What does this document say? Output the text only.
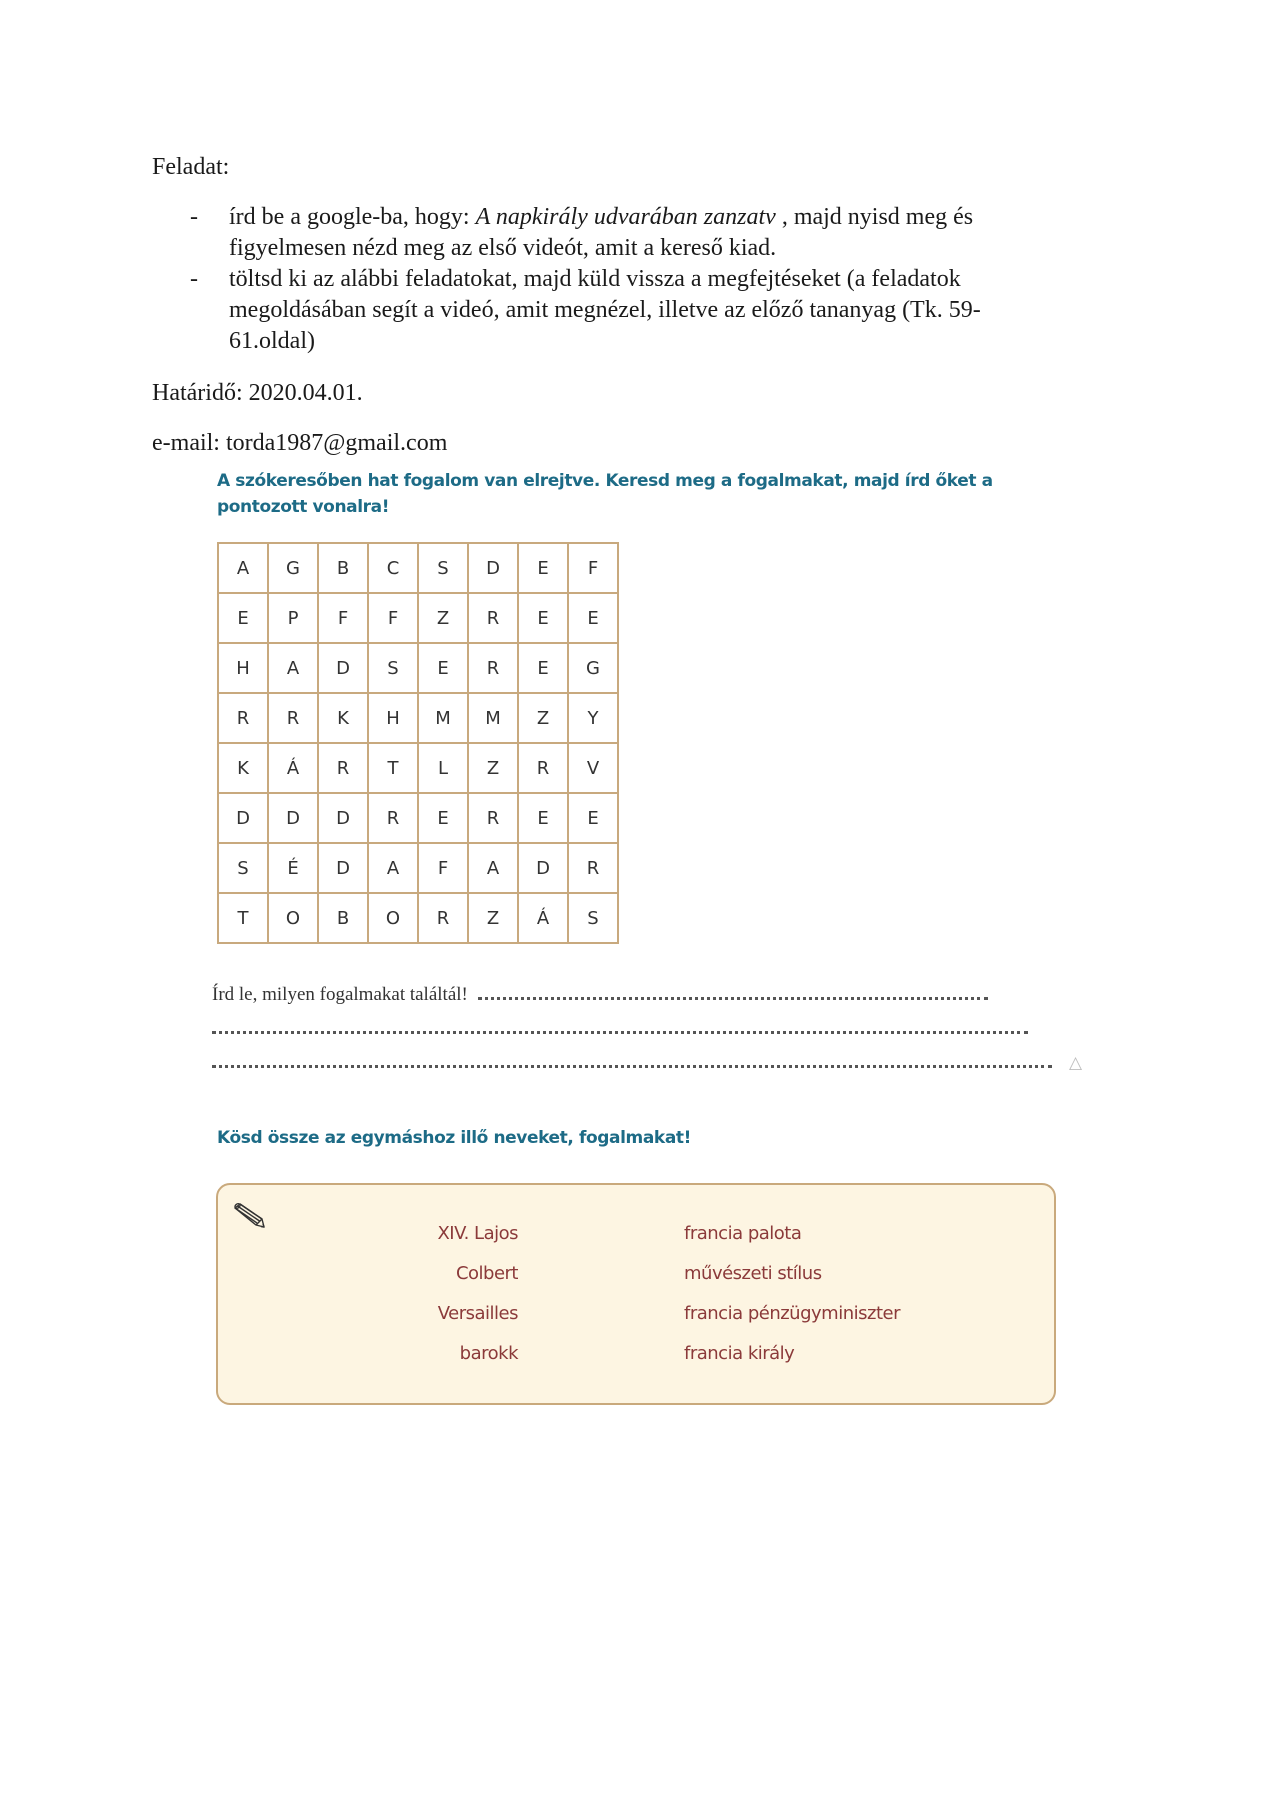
Feladat:
- írd be a google-ba, hogy: A napkirály udvarában zanzatv , majd nyisd meg és figyelmesen nézd meg az első videót, amit a kereső kiad.
- töltsd ki az alábbi feladatokat, majd küld vissza a megfejtéseket (a feladatok megoldásában segít a videó, amit megnézel, illetve az előző tananyag (Tk. 59-61.oldal)
Határidő: 2020.04.01.
e-mail: torda1987@gmail.com
A szókeresőben hat fogalom van elrejtve. Keresd meg a fogalmakat, majd írd őket a pontozott vonalra!
A	G	B	C	S	D	E	F
E	P	F	F	Z	R	E	E
H	A	D	S	E	R	E	G
R	R	K	H	M	M	Z	Y
K	Á	R	T	L	Z	R	V
D	D	D	R	E	R	E	E
S	É	D	A	F	A	D	R
T	O	B	O	R	Z	Á	S
Írd le, milyen fogalmakat találtál!
△
Kösd össze az egymáshoz illő neveket, fogalmakat!
XIV. Lajos
Colbert
Versailles
barokk
francia palota
művészeti stílus
francia pénzügyminiszter
francia király
